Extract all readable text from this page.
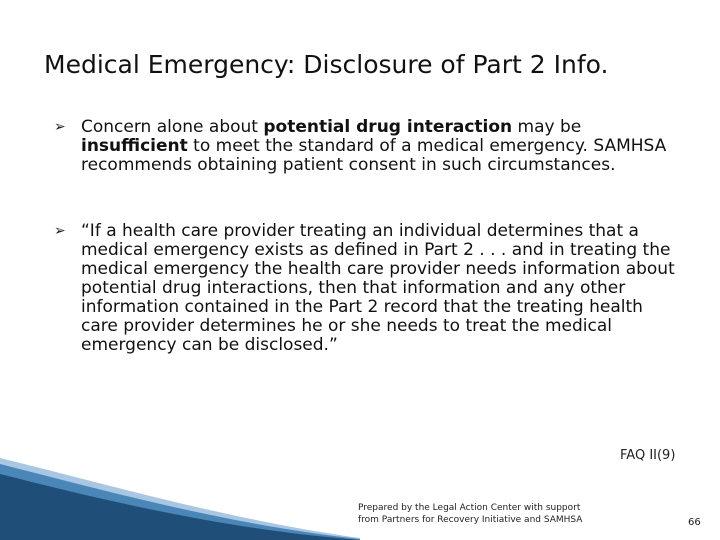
Medical Emergency: Disclosure of Part 2 Info.
➢ Concern alone about potential drug interaction may be insufficient to meet the standard of a medical emergency. SAMHSA recommends obtaining patient consent in such circumstances.
➢ “If a health care provider treating an individual determines that a medical emergency exists as defined in Part 2 . . . and in treating the medical emergency the health care provider needs information about potential drug interactions, then that information and any other information contained in the Part 2 record that the treating health care provider determines he or she needs to treat the medical emergency can be disclosed.”
FAQ II(9)
Prepared by the Legal Action Center with support
from Partners for Recovery Initiative and SAMHSA	66
